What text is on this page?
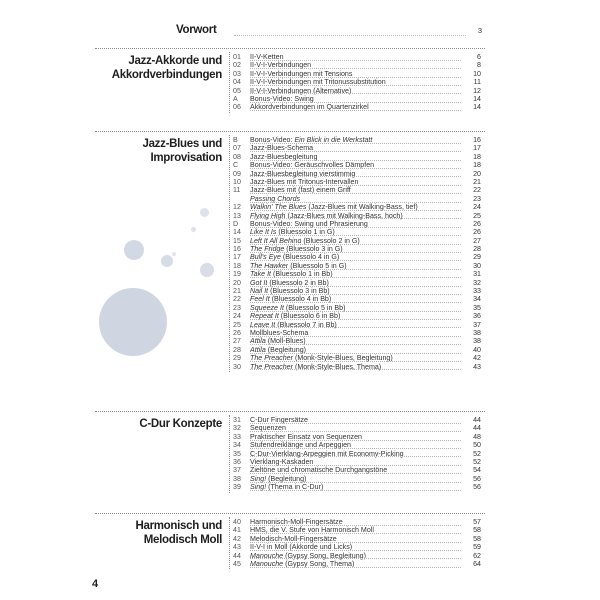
Vorwort	3
Jazz-Akkorde und
Akkordverbindungen
01	II-V-Ketten	6
02	II-V-I-Verbindungen	8
03	II-V-I-Verbindungen mit Tensions	10
04	II-V-I-Verbindungen mit Tritonussubstitution	11
05	II-V-I-Verbindungen (Alternative)	12
A	Bonus-Video: Swing	14
06	Akkordverbindungen im Quartenzirkel	14
Jazz-Blues und
Improvisation
B	Bonus-Video: Ein Blick in die Werkstatt	16
07	Jazz-Blues-Schema	17
08	Jazz-Bluesbegleitung	18
C	Bonus-Video: Geräuschvolles Dämpfen	18
09	Jazz-Bluesbegleitung vierstimmig	20
10	Jazz-Blues mit Tritonus-Intervallen	21
11	Jazz-Blues mit (fast) einem Griff	22
Passing Chords	23
12	Walkin' The Blues (Jazz-Blues mit Walking-Bass, tief)	24
13	Flying High (Jazz-Blues mit Walking-Bass, hoch)	25
D	Bonus-Video: Swing und Phrasierung	26
14	Like It Is (Bluessolo 1 in G)	26
15	Left It All Behind (Bluessolo 2 in G)	27
16	The Fridge (Bluessolo 3 in G)	28
17	Bull's Eye (Bluessolo 4 in G)	29
18	The Hawker (Bluessolo 5 in G)	30
19	Take It (Bluessolo 1 in Bb)	31
20	Got It (Bluessolo 2 in Bb)	32
21	Nail It (Bluessolo 3 in Bb)	33
22	Feel It (Bluessolo 4 in Bb)	34
23	Squeeze It (Bluessolo 5 in Bb)	35
24	Repeat It (Bluessolo 6 in Bb)	36
25	Leave It (Bluessolo 7 in Bb)	37
26	Mollblues-Schema	38
27	Attila (Moll-Blues)	38
28	Attila (Begleitung)	40
29	The Preacher (Monk-Style-Blues, Begleitung)	42
30	The Preacher (Monk-Style-Blues, Thema)	43
C-Dur Konzepte 31	C-Dur Fingersätze	44
32	Sequenzen	44
33	Praktischer Einsatz von Sequenzen	48
34	Stufendreiklänge und Arpeggien	50
35	C-Dur-Vierklang-Arpeggien mit Economy-Picking	52
36	Vierklang-Kaskaden	52
37	Zieltöne und chromatische Durchgangstöne	54
38	Sing! (Begleitung)	56
39	Sing! (Thema in C-Dur)	56
Harmonisch und
Melodisch Moll
40	Harmonisch-Moll-Fingersätze	57
41	HMS, die V. Stufe von Harmonisch Moll	58
42	Melodisch-Moll-Fingersätze	58
43	II-V-I in Moll (Akkorde und Licks)	59
44	Manouche (Gypsy Song, Begleitung)	62
45	Manouche (Gypsy Song, Thema)	64
4
